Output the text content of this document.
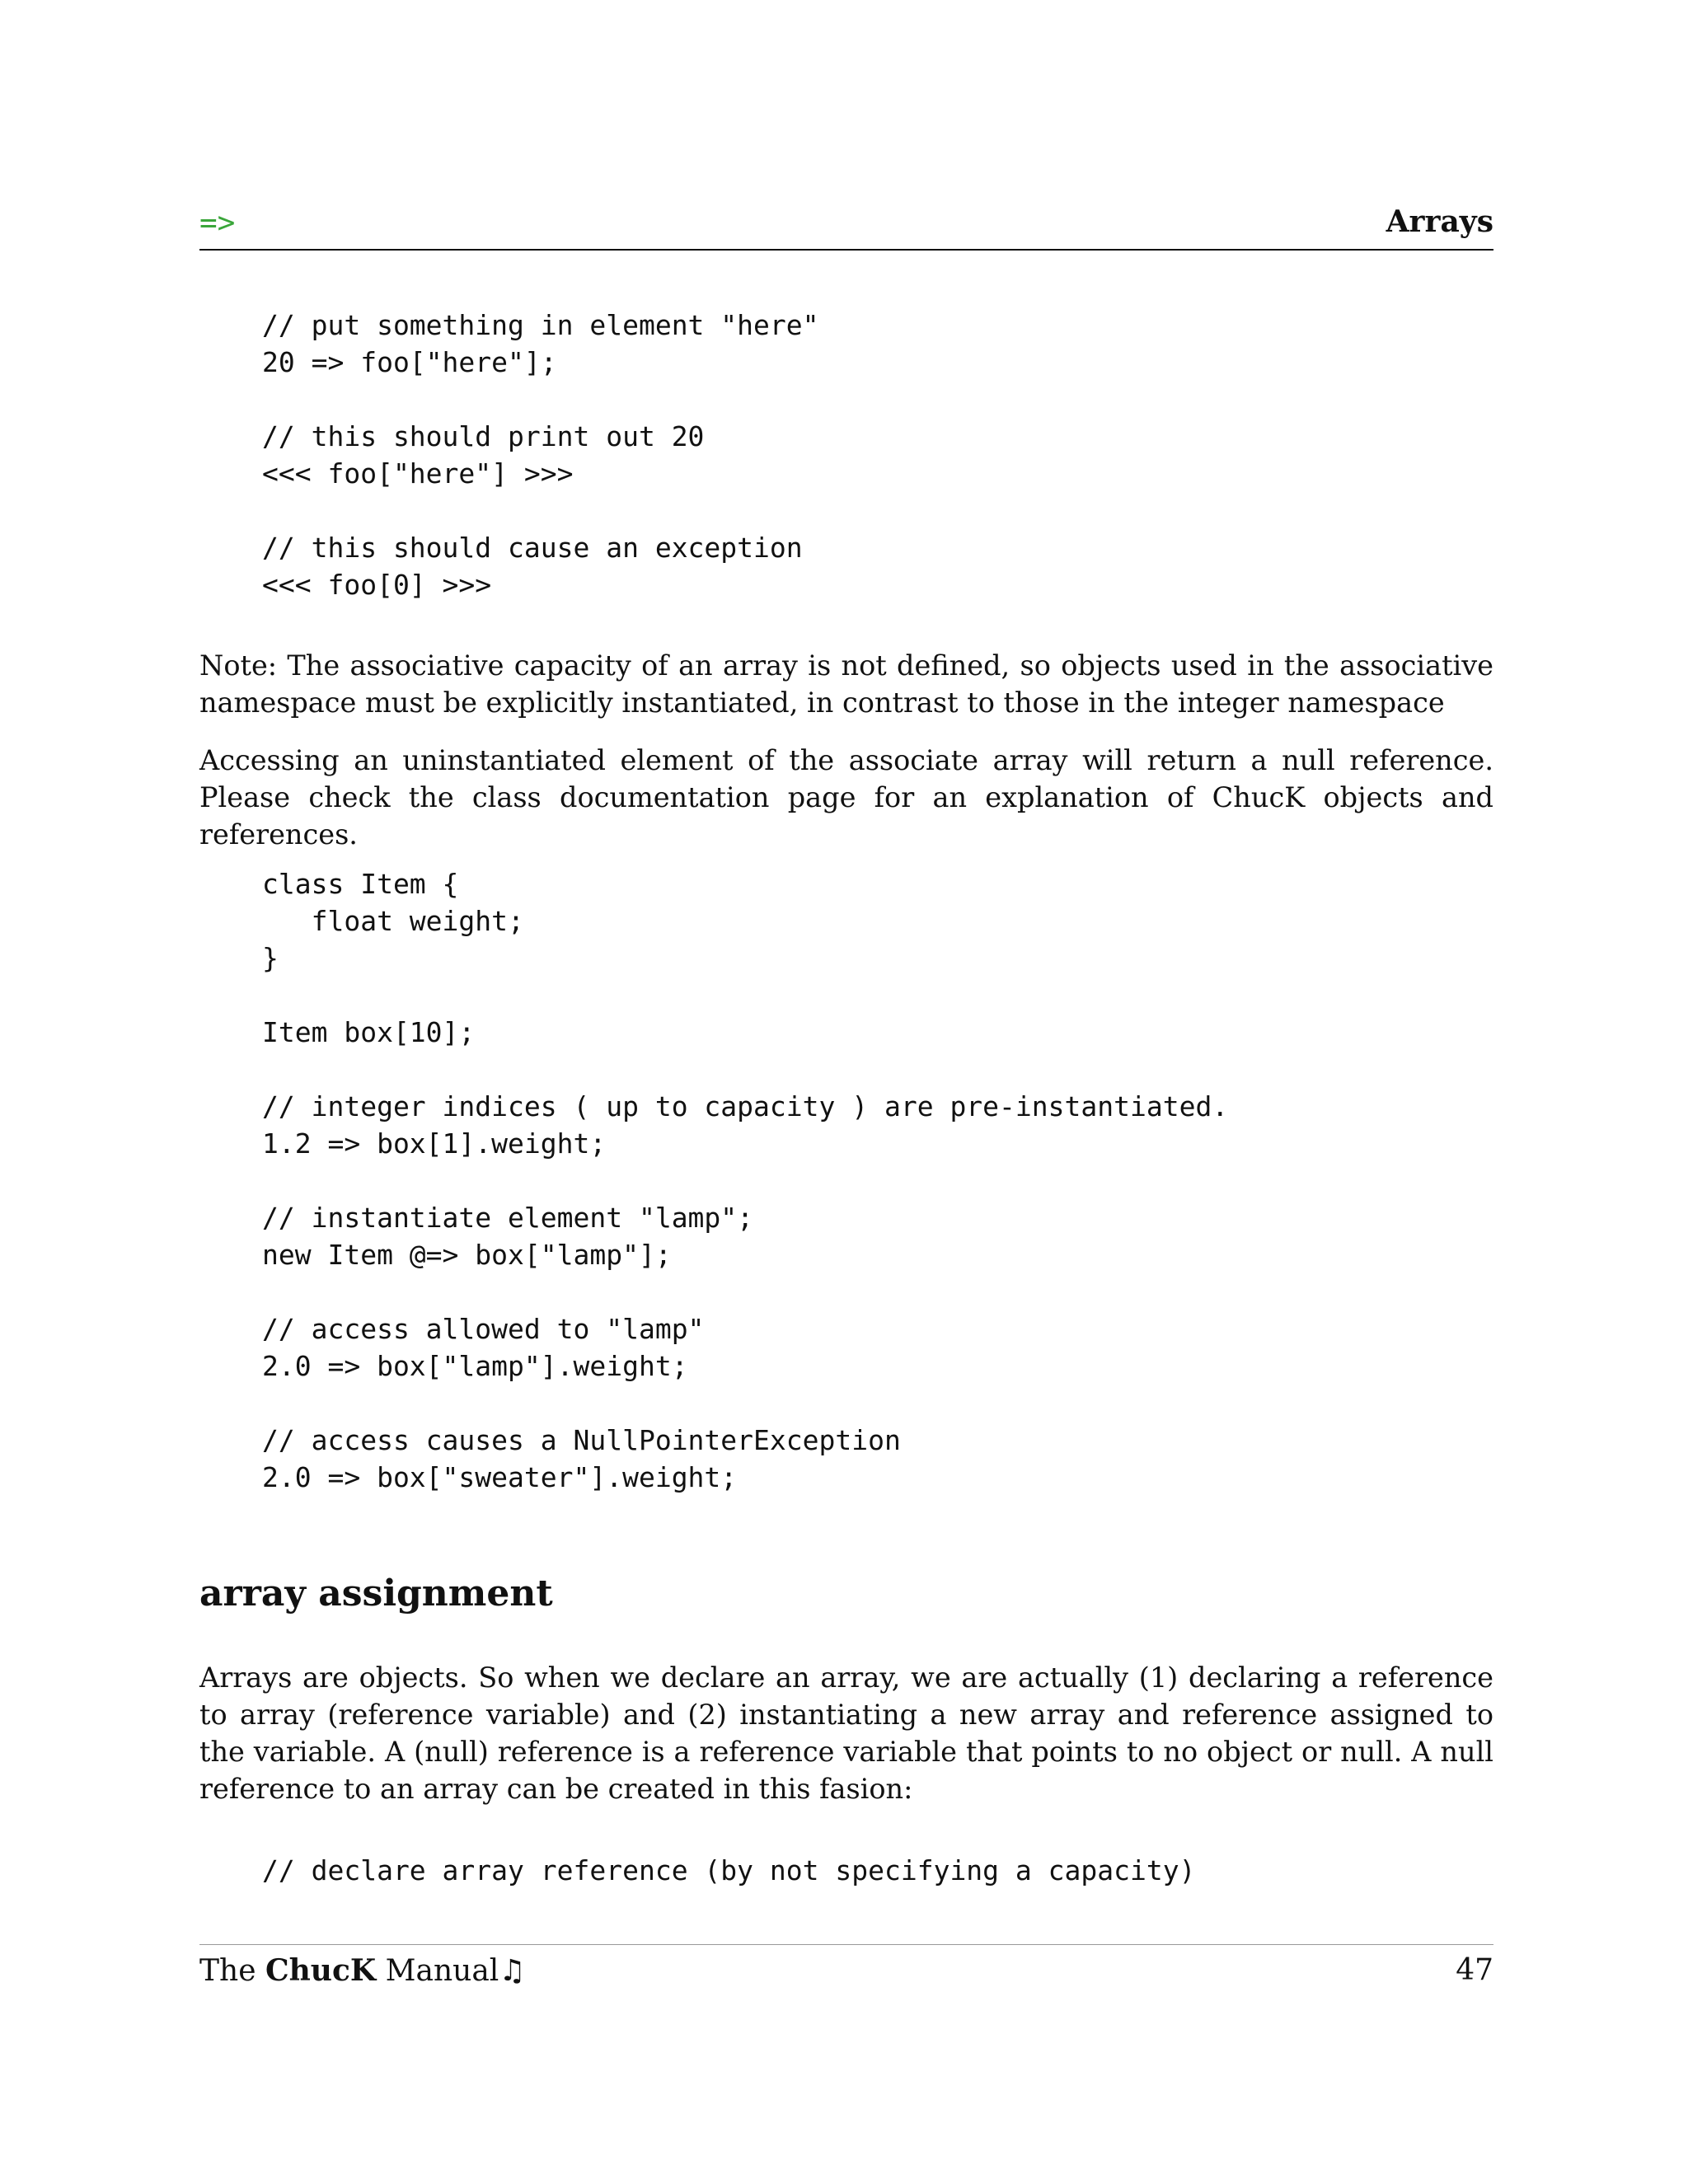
=>	Arrays
// put something in element "here"
20 => foo["here"];

// this should print out 20
<<< foo["here"] >>>

// this should cause an exception
<<< foo[0] >>>

Note: The associative capacity of an array is not defined, so objects used in the associative namespace must be explicitly instantiated, in contrast to those in the integer namespace

Accessing an uninstantiated element of the associate array will return a null reference. Please check the class documentation page for an explanation of ChucK objects and references.

class Item {
float weight;
}

Item box[10];

// integer indices ( up to capacity ) are pre-instantiated.
1.2 => box[1].weight;

// instantiate element "lamp";
new Item @=> box["lamp"];

// access allowed to "lamp"
2.0 => box["lamp"].weight;

// access causes a NullPointerException
2.0 => box["sweater"].weight;
array assignment

Arrays are objects. So when we declare an array, we are actually (1) declaring a reference to array (reference variable) and (2) instantiating a new array and reference assigned to the variable. A (null) reference is a reference variable that points to no object or null. A null reference to an array can be created in this fasion:

// declare array reference (by not specifying a capacity)
The ChucK Manual♫	47
